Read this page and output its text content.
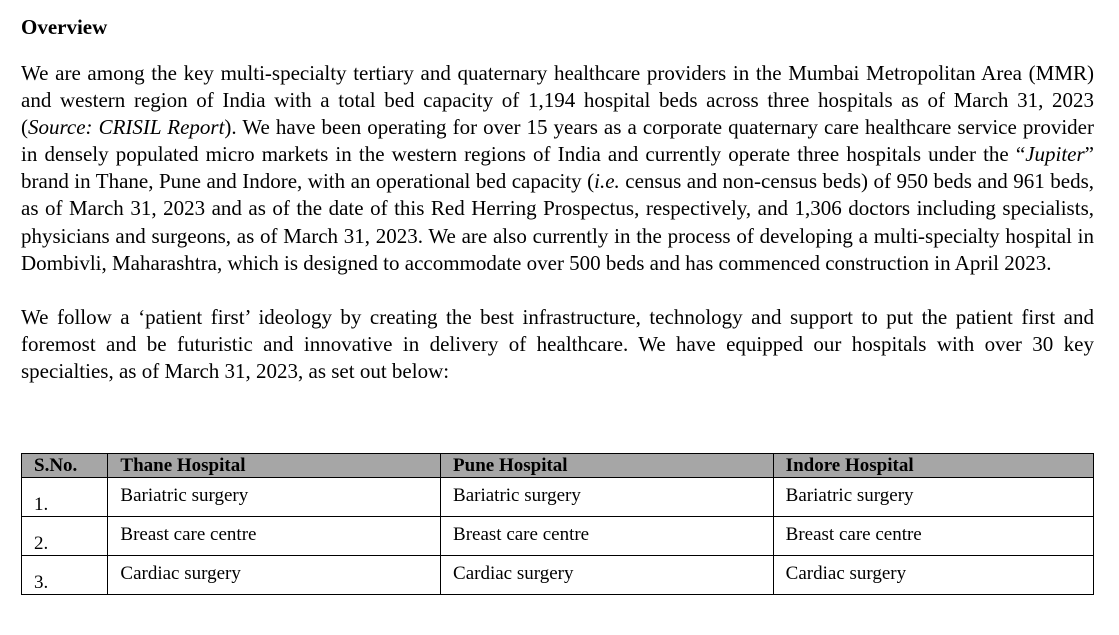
Overview

We are among the key multi-specialty tertiary and quaternary healthcare providers in the Mumbai Metropolitan Area (MMR) and western region of India with a total bed capacity of 1,194 hospital beds across three hospitals as of March 31, 2023 (Source: CRISIL Report). We have been operating for over 15 years as a corporate quaternary care healthcare service provider in densely populated micro markets in the western regions of India and currently operate three hospitals under the “Jupiter” brand in Thane, Pune and Indore, with an operational bed capacity (i.e. census and non-census beds) of 950 beds and 961 beds, as of March 31, 2023 and as of the date of this Red Herring Prospectus, respectively, and 1,306 doctors including specialists, physicians and surgeons, as of March 31, 2023. We are also currently in the process of developing a multi-specialty hospital in Dombivli, Maharashtra, which is designed to accommodate over 500 beds and has commenced construction in April 2023.

We follow a ‘patient first’ ideology by creating the best infrastructure, technology and support to put the patient first and foremost and be futuristic and innovative in delivery of healthcare. We have equipped our hospitals with over 30 key specialties, as of March 31, 2023, as set out below:

S.No.	Thane Hospital	Pune Hospital	Indore Hospital
1.	Bariatric surgery	Bariatric surgery	Bariatric surgery
2.	Breast care centre	Breast care centre	Breast care centre
3.	Cardiac surgery	Cardiac surgery	Cardiac surgery
